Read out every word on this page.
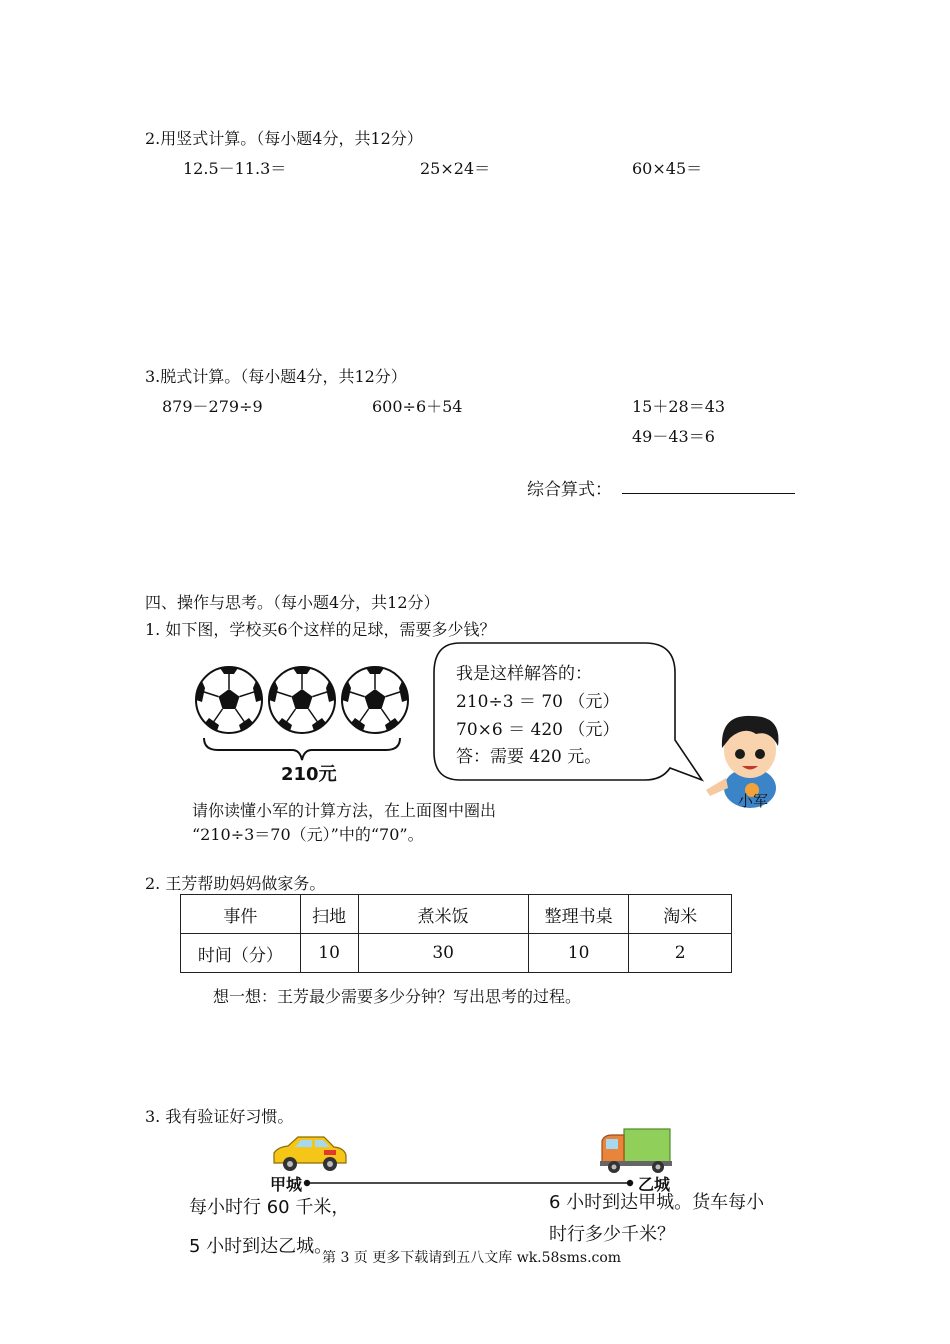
2.用竖式计算。（每小题4分，共12分）
12.5－11.3＝	25×24＝	60×45＝
3.脱式计算。（每小题4分，共12分）
879－279÷9	600÷6＋54	15＋28＝43
49－43＝6
综合算式：
四、操作与思考。（每小题4分，共12分）
1. 如下图，学校买6个这样的足球，需要多少钱？
210元
我是这样解答的：
210÷3 ＝ 70 （元）
70×6 ＝ 420 （元）
答：需要 420 元。
小军
请你读懂小军的计算方法，在上面图中圈出
“210÷3＝70（元）”中的“70”。
2. 王芳帮助妈妈做家务。
事件	扫地	煮米饭	整理书桌	淘米
时间（分）	10	30	10	2
想一想：王芳最少需要多少分钟？写出思考的过程。
3. 我有验证好习惯。
甲城	乙城
每小时行 60 千米，
5 小时到达乙城。
6 小时到达甲城。货车每小
时行多少千米？
第 3 页 更多下载请到五八文库 wk.58sms.com
